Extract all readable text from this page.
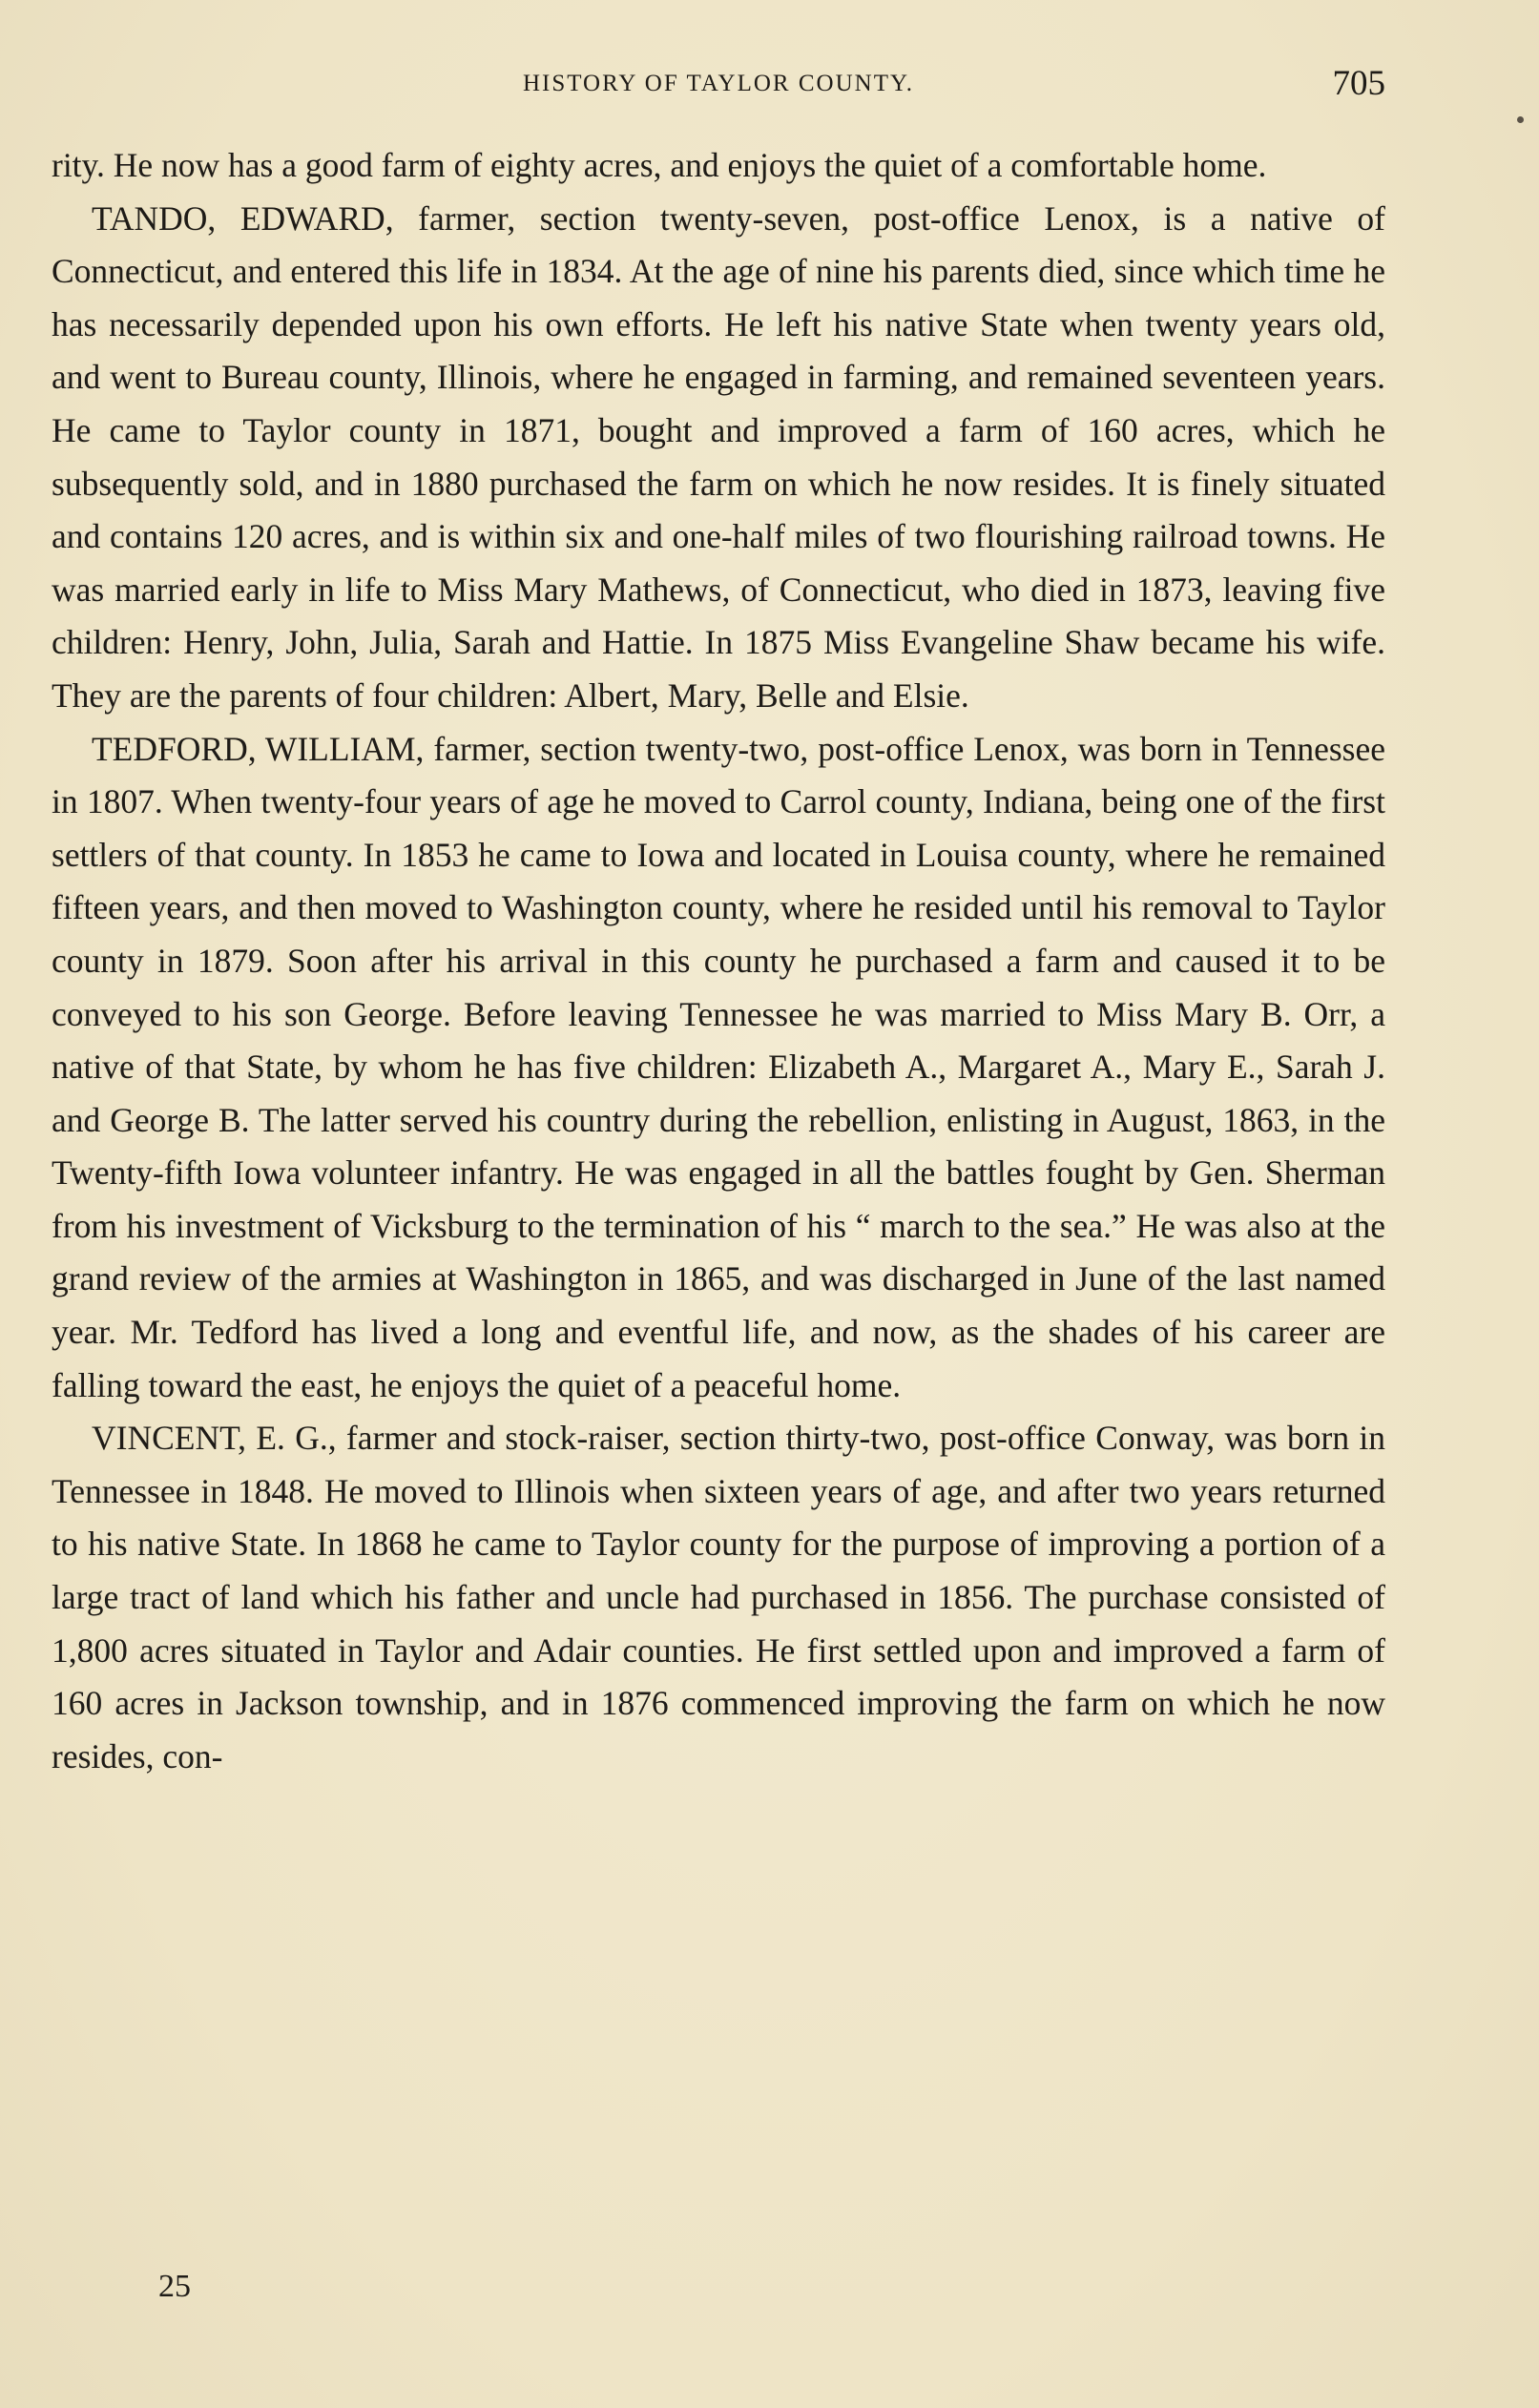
HISTORY OF TAYLOR COUNTY.	705

rity. He now has a good farm of eighty acres, and enjoys the quiet of a comfortable home.

TANDO, EDWARD, farmer, section twenty-seven, post-office Lenox, is a native of Connecticut, and entered this life in 1834. At the age of nine his parents died, since which time he has necessarily depended upon his own efforts. He left his native State when twenty years old, and went to Bureau county, Illinois, where he engaged in farming, and remained seventeen years. He came to Taylor county in 1871, bought and improved a farm of 160 acres, which he subsequently sold, and in 1880 purchased the farm on which he now resides. It is finely situated and contains 120 acres, and is within six and one-half miles of two flourishing railroad towns. He was married early in life to Miss Mary Mathews, of Connecticut, who died in 1873, leaving five children: Henry, John, Julia, Sarah and Hattie. In 1875 Miss Evangeline Shaw became his wife. They are the parents of four children: Albert, Mary, Belle and Elsie.

TEDFORD, WILLIAM, farmer, section twenty-two, post-office Lenox, was born in Tennessee in 1807. When twenty-four years of age he moved to Carrol county, Indiana, being one of the first settlers of that county. In 1853 he came to Iowa and located in Louisa county, where he remained fifteen years, and then moved to Washington county, where he resided until his removal to Taylor county in 1879. Soon after his arrival in this county he purchased a farm and caused it to be conveyed to his son George. Before leaving Tennessee he was married to Miss Mary B. Orr, a native of that State, by whom he has five children: Elizabeth A., Margaret A., Mary E., Sarah J. and George B. The latter served his country during the rebellion, enlisting in August, 1863, in the Twenty-fifth Iowa volunteer infantry. He was engaged in all the battles fought by Gen. Sherman from his investment of Vicksburg to the termination of his “ march to the sea.” He was also at the grand review of the armies at Washington in 1865, and was discharged in June of the last named year. Mr. Tedford has lived a long and eventful life, and now, as the shades of his career are falling toward the east, he enjoys the quiet of a peaceful home.

VINCENT, E. G., farmer and stock-raiser, section thirty-two, post-office Conway, was born in Tennessee in 1848. He moved to Illinois when sixteen years of age, and after two years returned to his native State. In 1868 he came to Taylor county for the purpose of improving a portion of a large tract of land which his father and uncle had purchased in 1856. The purchase consisted of 1,800 acres situated in Taylor and Adair counties. He first settled upon and improved a farm of 160 acres in Jackson township, and in 1876 commenced improving the farm on which he now resides, con-

25
